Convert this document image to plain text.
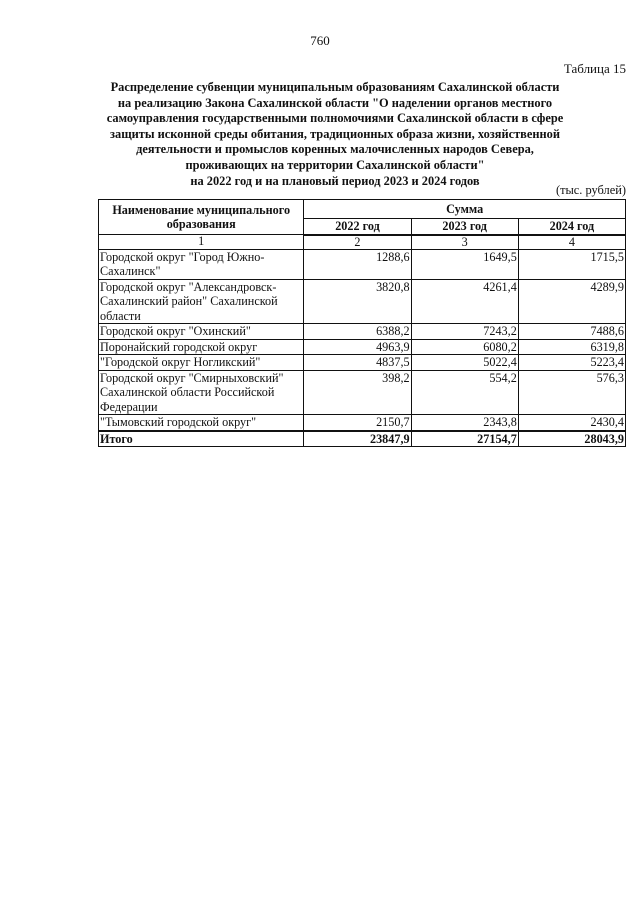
760
Таблица 15
Распределение субвенции муниципальным образованиям Сахалинской области
на реализацию Закона Сахалинской области "О наделении органов местного
самоуправления государственными полномочиями Сахалинской области в сфере
защиты исконной среды обитания, традиционных образа жизни, хозяйственной
деятельности и промыслов коренных малочисленных народов Севера,
проживающих на территории Сахалинской области"
на 2022 год и на плановый период 2023 и 2024 годов
(тыс. рублей)
Наименование муниципального образования	Сумма		
	2022 год	2023 год	2024 год
1	2	3	4
Городской округ "Город Южно-Сахалинск"	1288,6	1649,5	1715,5
Городской округ "Александровск-Сахалинский район" Сахалинской области	3820,8	4261,4	4289,9
Городской округ "Охинский"	6388,2	7243,2	7488,6
Поронайский городской округ	4963,9	6080,2	6319,8
"Городской округ Ногликский"	4837,5	5022,4	5223,4
Городской округ "Смирныховский" Сахалинской области Российской Федерации	398,2	554,2	576,3
"Тымовский городской округ"	2150,7	2343,8	2430,4
Итого	23847,9	27154,7	28043,9
